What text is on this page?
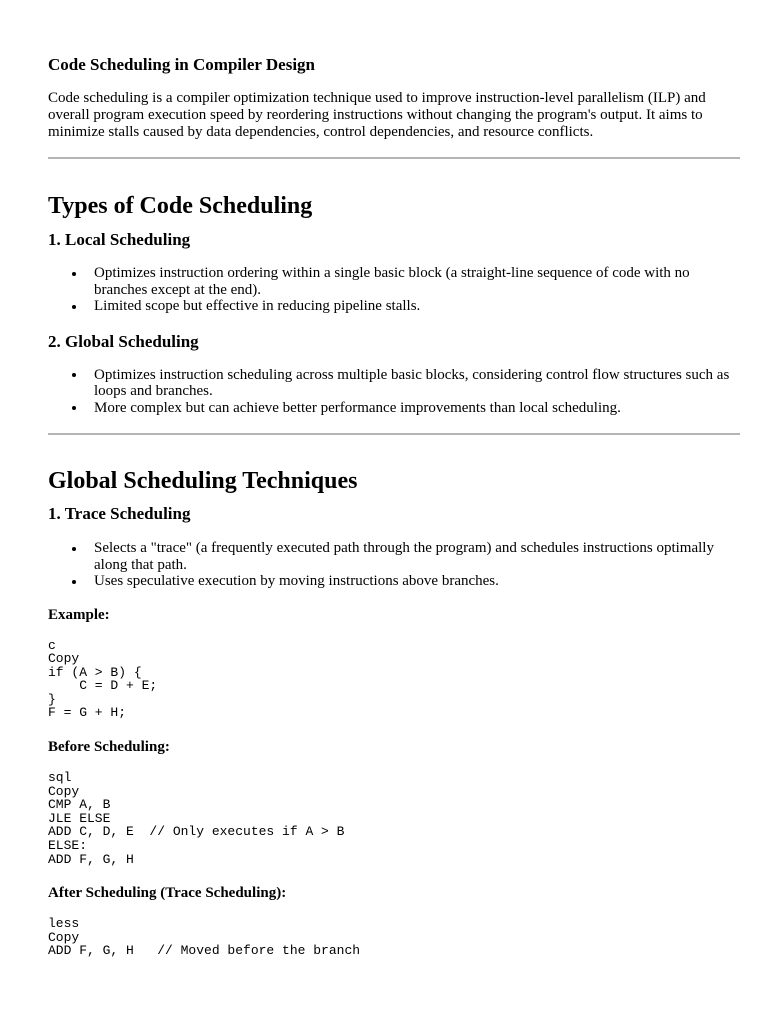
Code Scheduling in Compiler Design

Code scheduling is a compiler optimization technique used to improve instruction-level parallelism (ILP) and overall program execution speed by reordering instructions without changing the program's output. It aims to minimize stalls caused by data dependencies, control dependencies, and resource conflicts.

Types of Code Scheduling
1. Local Scheduling
Optimizes instruction ordering within a single basic block (a straight-line sequence of code with no branches except at the end).
Limited scope but effective in reducing pipeline stalls.
2. Global Scheduling
Optimizes instruction scheduling across multiple basic blocks, considering control flow structures such as loops and branches.
More complex but can achieve better performance improvements than local scheduling.
Global Scheduling Techniques
1. Trace Scheduling
Selects a "trace" (a frequently executed path through the program) and schedules instructions optimally along that path.
Uses speculative execution by moving instructions above branches.
Example:
c
Copy
if (A > B) {
C = D + E;
}
F = G + H;
Before Scheduling:
sql
Copy
CMP A, B
JLE ELSE
ADD C, D, E  // Only executes if A > B
ELSE:
ADD F, G, H
After Scheduling (Trace Scheduling):
less
Copy
ADD F, G, H   // Moved before the branch
